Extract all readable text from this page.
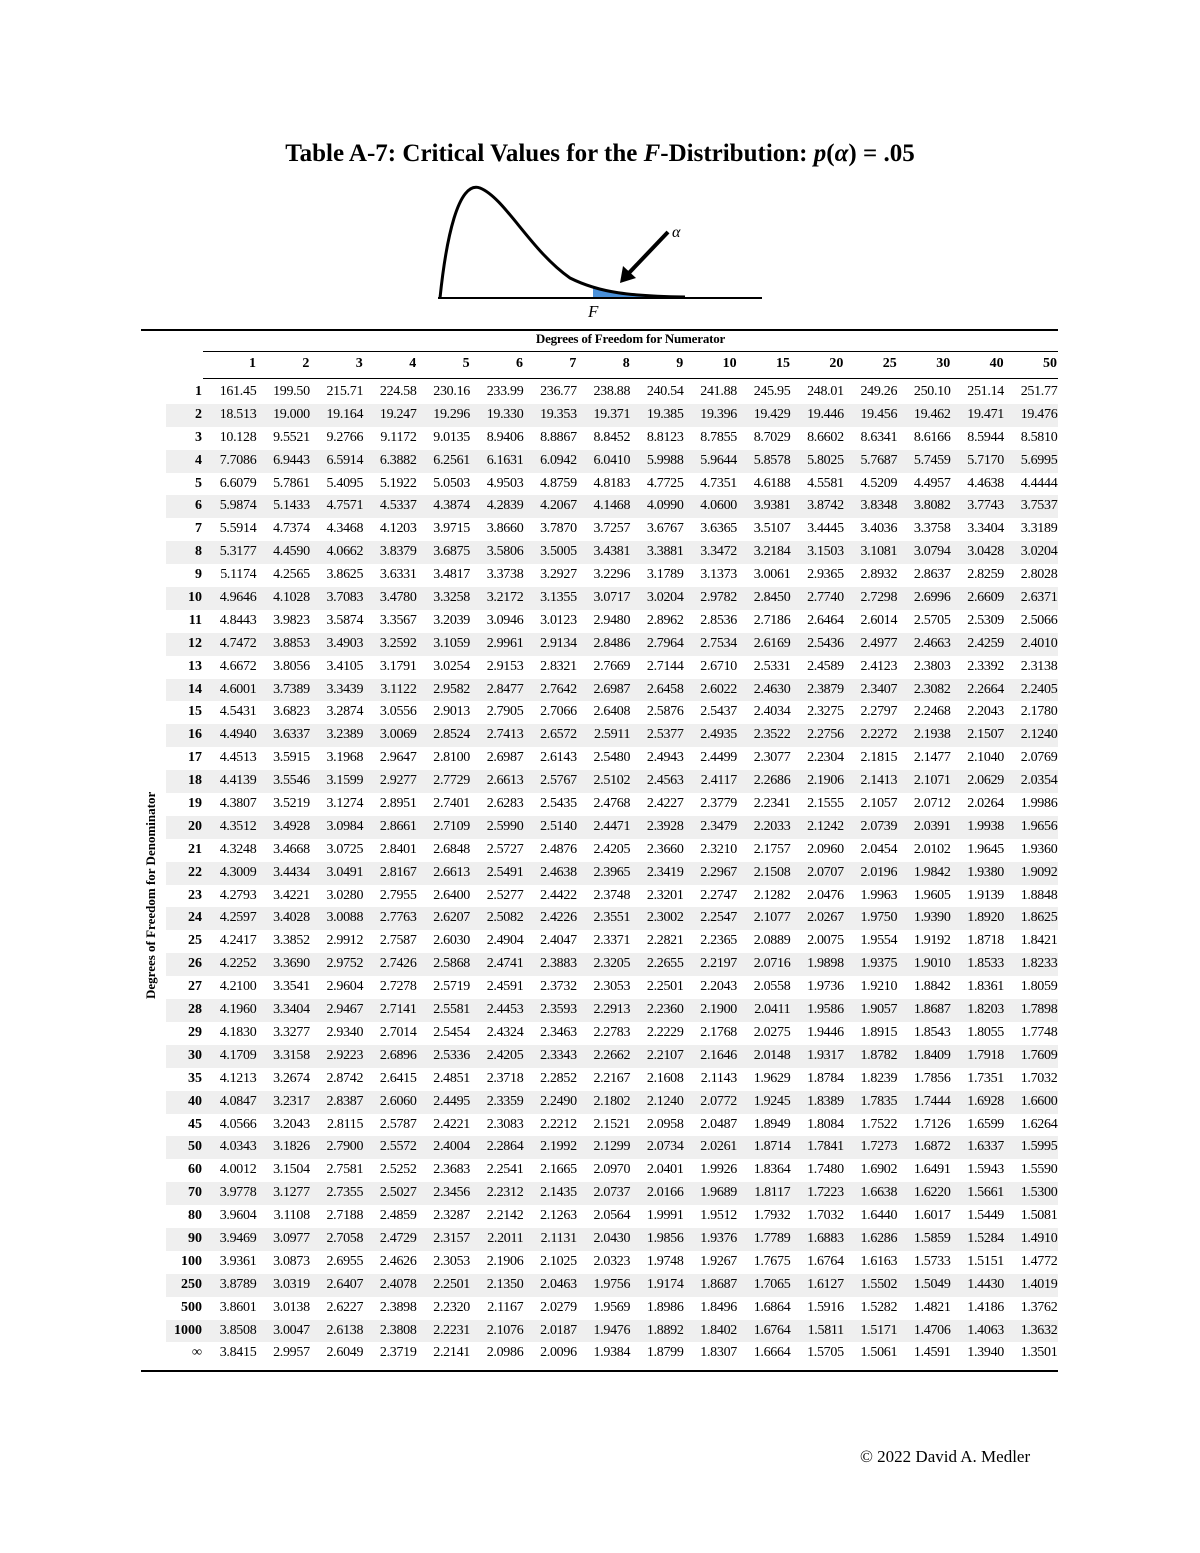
Table A-7: Critical Values for the F-Distribution: p(α) = .05
α
F
Degrees of Freedom for Numerator
1	2	3	4	5	6	7	8	9	10	15	20	25	30	40	50
Degrees of Freedom for Denominator
1	161.45	199.50	215.71	224.58	230.16	233.99	236.77	238.88	240.54	241.88	245.95	248.01	249.26	250.10	251.14	251.77
2	18.513	19.000	19.164	19.247	19.296	19.330	19.353	19.371	19.385	19.396	19.429	19.446	19.456	19.462	19.471	19.476
3	10.128	9.5521	9.2766	9.1172	9.0135	8.9406	8.8867	8.8452	8.8123	8.7855	8.7029	8.6602	8.6341	8.6166	8.5944	8.5810
4	7.7086	6.9443	6.5914	6.3882	6.2561	6.1631	6.0942	6.0410	5.9988	5.9644	5.8578	5.8025	5.7687	5.7459	5.7170	5.6995
5	6.6079	5.7861	5.4095	5.1922	5.0503	4.9503	4.8759	4.8183	4.7725	4.7351	4.6188	4.5581	4.5209	4.4957	4.4638	4.4444
6	5.9874	5.1433	4.7571	4.5337	4.3874	4.2839	4.2067	4.1468	4.0990	4.0600	3.9381	3.8742	3.8348	3.8082	3.7743	3.7537
7	5.5914	4.7374	4.3468	4.1203	3.9715	3.8660	3.7870	3.7257	3.6767	3.6365	3.5107	3.4445	3.4036	3.3758	3.3404	3.3189
8	5.3177	4.4590	4.0662	3.8379	3.6875	3.5806	3.5005	3.4381	3.3881	3.3472	3.2184	3.1503	3.1081	3.0794	3.0428	3.0204
9	5.1174	4.2565	3.8625	3.6331	3.4817	3.3738	3.2927	3.2296	3.1789	3.1373	3.0061	2.9365	2.8932	2.8637	2.8259	2.8028
10	4.9646	4.1028	3.7083	3.4780	3.3258	3.2172	3.1355	3.0717	3.0204	2.9782	2.8450	2.7740	2.7298	2.6996	2.6609	2.6371
11	4.8443	3.9823	3.5874	3.3567	3.2039	3.0946	3.0123	2.9480	2.8962	2.8536	2.7186	2.6464	2.6014	2.5705	2.5309	2.5066
12	4.7472	3.8853	3.4903	3.2592	3.1059	2.9961	2.9134	2.8486	2.7964	2.7534	2.6169	2.5436	2.4977	2.4663	2.4259	2.4010
13	4.6672	3.8056	3.4105	3.1791	3.0254	2.9153	2.8321	2.7669	2.7144	2.6710	2.5331	2.4589	2.4123	2.3803	2.3392	2.3138
14	4.6001	3.7389	3.3439	3.1122	2.9582	2.8477	2.7642	2.6987	2.6458	2.6022	2.4630	2.3879	2.3407	2.3082	2.2664	2.2405
15	4.5431	3.6823	3.2874	3.0556	2.9013	2.7905	2.7066	2.6408	2.5876	2.5437	2.4034	2.3275	2.2797	2.2468	2.2043	2.1780
16	4.4940	3.6337	3.2389	3.0069	2.8524	2.7413	2.6572	2.5911	2.5377	2.4935	2.3522	2.2756	2.2272	2.1938	2.1507	2.1240
17	4.4513	3.5915	3.1968	2.9647	2.8100	2.6987	2.6143	2.5480	2.4943	2.4499	2.3077	2.2304	2.1815	2.1477	2.1040	2.0769
18	4.4139	3.5546	3.1599	2.9277	2.7729	2.6613	2.5767	2.5102	2.4563	2.4117	2.2686	2.1906	2.1413	2.1071	2.0629	2.0354
19	4.3807	3.5219	3.1274	2.8951	2.7401	2.6283	2.5435	2.4768	2.4227	2.3779	2.2341	2.1555	2.1057	2.0712	2.0264	1.9986
20	4.3512	3.4928	3.0984	2.8661	2.7109	2.5990	2.5140	2.4471	2.3928	2.3479	2.2033	2.1242	2.0739	2.0391	1.9938	1.9656
21	4.3248	3.4668	3.0725	2.8401	2.6848	2.5727	2.4876	2.4205	2.3660	2.3210	2.1757	2.0960	2.0454	2.0102	1.9645	1.9360
22	4.3009	3.4434	3.0491	2.8167	2.6613	2.5491	2.4638	2.3965	2.3419	2.2967	2.1508	2.0707	2.0196	1.9842	1.9380	1.9092
23	4.2793	3.4221	3.0280	2.7955	2.6400	2.5277	2.4422	2.3748	2.3201	2.2747	2.1282	2.0476	1.9963	1.9605	1.9139	1.8848
24	4.2597	3.4028	3.0088	2.7763	2.6207	2.5082	2.4226	2.3551	2.3002	2.2547	2.1077	2.0267	1.9750	1.9390	1.8920	1.8625
25	4.2417	3.3852	2.9912	2.7587	2.6030	2.4904	2.4047	2.3371	2.2821	2.2365	2.0889	2.0075	1.9554	1.9192	1.8718	1.8421
26	4.2252	3.3690	2.9752	2.7426	2.5868	2.4741	2.3883	2.3205	2.2655	2.2197	2.0716	1.9898	1.9375	1.9010	1.8533	1.8233
27	4.2100	3.3541	2.9604	2.7278	2.5719	2.4591	2.3732	2.3053	2.2501	2.2043	2.0558	1.9736	1.9210	1.8842	1.8361	1.8059
28	4.1960	3.3404	2.9467	2.7141	2.5581	2.4453	2.3593	2.2913	2.2360	2.1900	2.0411	1.9586	1.9057	1.8687	1.8203	1.7898
29	4.1830	3.3277	2.9340	2.7014	2.5454	2.4324	2.3463	2.2783	2.2229	2.1768	2.0275	1.9446	1.8915	1.8543	1.8055	1.7748
30	4.1709	3.3158	2.9223	2.6896	2.5336	2.4205	2.3343	2.2662	2.2107	2.1646	2.0148	1.9317	1.8782	1.8409	1.7918	1.7609
35	4.1213	3.2674	2.8742	2.6415	2.4851	2.3718	2.2852	2.2167	2.1608	2.1143	1.9629	1.8784	1.8239	1.7856	1.7351	1.7032
40	4.0847	3.2317	2.8387	2.6060	2.4495	2.3359	2.2490	2.1802	2.1240	2.0772	1.9245	1.8389	1.7835	1.7444	1.6928	1.6600
45	4.0566	3.2043	2.8115	2.5787	2.4221	2.3083	2.2212	2.1521	2.0958	2.0487	1.8949	1.8084	1.7522	1.7126	1.6599	1.6264
50	4.0343	3.1826	2.7900	2.5572	2.4004	2.2864	2.1992	2.1299	2.0734	2.0261	1.8714	1.7841	1.7273	1.6872	1.6337	1.5995
60	4.0012	3.1504	2.7581	2.5252	2.3683	2.2541	2.1665	2.0970	2.0401	1.9926	1.8364	1.7480	1.6902	1.6491	1.5943	1.5590
70	3.9778	3.1277	2.7355	2.5027	2.3456	2.2312	2.1435	2.0737	2.0166	1.9689	1.8117	1.7223	1.6638	1.6220	1.5661	1.5300
80	3.9604	3.1108	2.7188	2.4859	2.3287	2.2142	2.1263	2.0564	1.9991	1.9512	1.7932	1.7032	1.6440	1.6017	1.5449	1.5081
90	3.9469	3.0977	2.7058	2.4729	2.3157	2.2011	2.1131	2.0430	1.9856	1.9376	1.7789	1.6883	1.6286	1.5859	1.5284	1.4910
100	3.9361	3.0873	2.6955	2.4626	2.3053	2.1906	2.1025	2.0323	1.9748	1.9267	1.7675	1.6764	1.6163	1.5733	1.5151	1.4772
250	3.8789	3.0319	2.6407	2.4078	2.2501	2.1350	2.0463	1.9756	1.9174	1.8687	1.7065	1.6127	1.5502	1.5049	1.4430	1.4019
500	3.8601	3.0138	2.6227	2.3898	2.2320	2.1167	2.0279	1.9569	1.8986	1.8496	1.6864	1.5916	1.5282	1.4821	1.4186	1.3762
1000	3.8508	3.0047	2.6138	2.3808	2.2231	2.1076	2.0187	1.9476	1.8892	1.8402	1.6764	1.5811	1.5171	1.4706	1.4063	1.3632
∞	3.8415	2.9957	2.6049	2.3719	2.2141	2.0986	2.0096	1.9384	1.8799	1.8307	1.6664	1.5705	1.5061	1.4591	1.3940	1.3501
© 2022 David A. Medler
